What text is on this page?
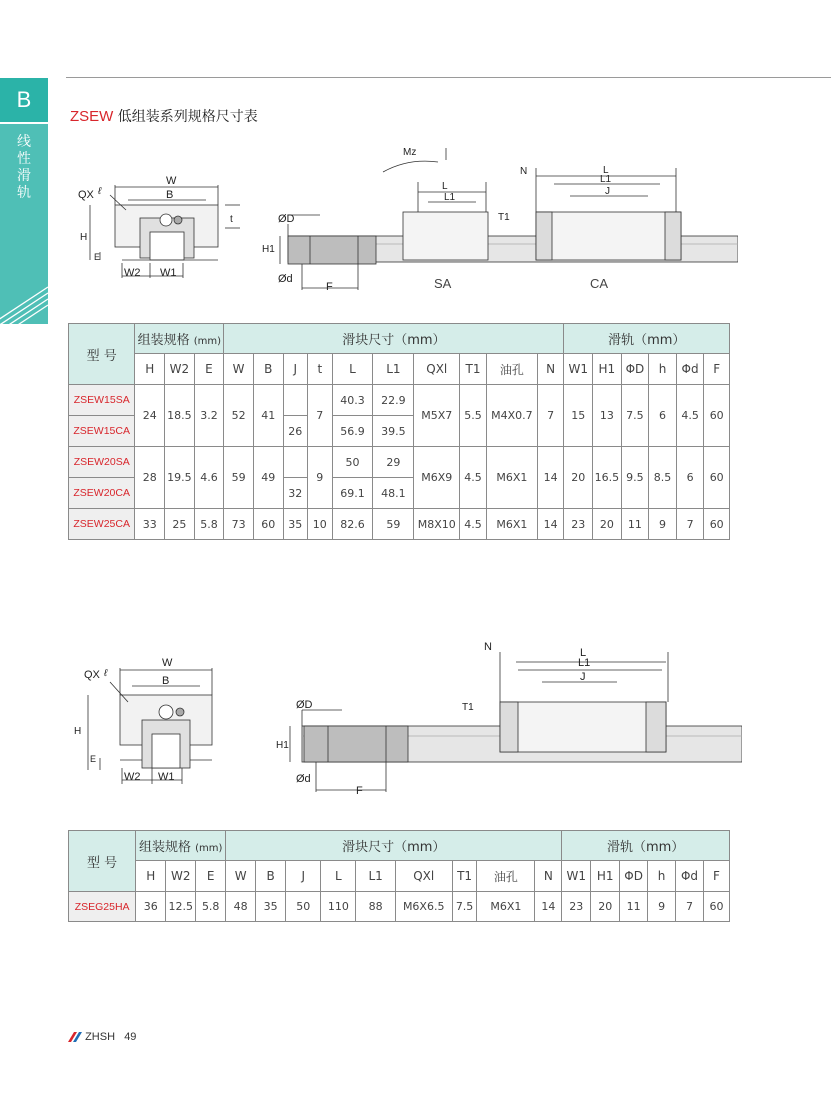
B
线性滑轨
ZSEW 低组装系列规格尺寸表
QX ℓ
W
B
t
H
E
W2 W1
ØD
H1
Ød
F
Mz
L
L1
T1
N	L
L1
J
SA	CA
型 号	组装规格 (mm)			滑块尺寸（mm）										滑轨（mm）					
	H	W2	E	W	B	J	t	L	L1	QXl	T1	油孔	N	W1	H1	ΦD	h	Φd	F
ZSEW15SA	24	18.5	3.2	52	41		7	40.3	22.9	M5X7	5.5	M4X0.7	7	15	13	7.5	6	4.5	60
ZSEW15CA						26		56.9	39.5										
ZSEW20SA	28	19.5	4.6	59	49		9	50	29	M6X9	4.5	M6X1	14	20	16.5	9.5	8.5	6	60
ZSEW20CA						32		69.1	48.1										
ZSEW25CA	33	25	5.8	73	60	35	10	82.6	59	M8X10	4.5	M6X1	14	23	20	11	9	7	60
QX ℓ
W
B
H
E
W2 W1
ØD
H1
Ød
F
N	L
L1
J
T1
型 号	组装规格 (mm)			滑块尺寸（mm）									滑轨（mm）					
	H	W2	E	W	B	J	L	L1	QXl	T1	油孔	N	W1	H1	ΦD	h	Φd	F
ZSEG25HA	36	12.5	5.8	48	35	50	110	88	M6X6.5	7.5	M6X1	14	23	20	11	9	7	60
ZHSH 49
